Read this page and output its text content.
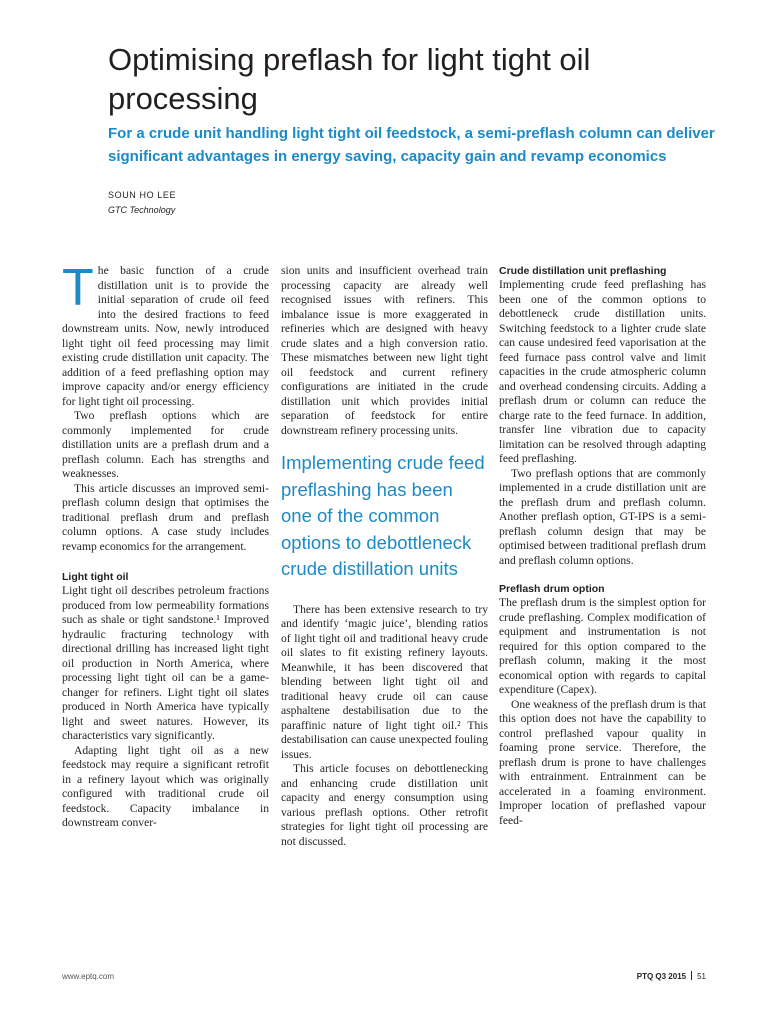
Optimising preflash for light tight oil processing

For a crude unit handling light tight oil feedstock, a semi-preflash column can deliver significant advantages in energy saving, capacity gain and revamp economics

SOUN HO LEE
GTC Technology

The basic function of a crude distillation unit is to provide the initial separation of crude oil feed into the desired fractions to feed downstream units. Now, newly introduced light tight oil feed processing may limit existing crude distillation unit capacity. The addition of a feed preflashing option may improve capacity and/or energy efficiency for light tight oil processing.

Two preflash options which are commonly implemented for crude distillation units are a preflash drum and a preflash column. Each has strengths and weaknesses.

This article discusses an improved semi-preflash column design that optimises the traditional preflash drum and preflash column options. A case study includes revamp economics for the arrangement.

Light tight oil

Light tight oil describes petroleum fractions produced from low permeability formations such as shale or tight sandstone.¹ Improved hydraulic fracturing technology with directional drilling has increased light tight oil production in North America, where processing light tight oil can be a game-changer for refiners. Light tight oil slates produced in North America have typically light and sweet natures. However, its characteristics vary significantly.

Adapting light tight oil as a new feedstock may require a significant retrofit in a refinery layout which was originally configured with traditional crude oil feedstock. Capacity imbalance in downstream conver-

sion units and insufficient overhead train processing capacity are already well recognised issues with refiners. This imbalance issue is more exaggerated in refineries which are designed with heavy crude slates and a high conversion ratio. These mismatches between new light tight oil feedstock and current refinery configurations are initiated in the crude distillation unit which provides initial separation of feedstock for entire downstream refinery processing units.

Implementing crude feed preflashing has been one of the common options to debottleneck crude distillation units

There has been extensive research to try and identify ‘magic juice’, blending ratios of light tight oil and traditional heavy crude oil slates to fit existing refinery layouts. Meanwhile, it has been discovered that blending between light tight oil and traditional heavy crude oil can cause asphaltene destabilisation due to the paraffinic nature of light tight oil.² This destabilisation can cause unexpected fouling issues.

This article focuses on debottlenecking and enhancing crude distillation unit capacity and energy consumption using various preflash options. Other retrofit strategies for light tight oil processing are not discussed.

Crude distillation unit preflashing

Implementing crude feed preflashing has been one of the common options to debottleneck crude distillation units. Switching feedstock to a lighter crude slate can cause undesired feed vaporisation at the feed furnace pass control valve and limit capacities in the crude atmospheric column and overhead condensing circuits. Adding a preflash drum or column can reduce the charge rate to the feed furnace. In addition, transfer line vibration due to capacity limitation can be resolved through adapting feed preflashing.

Two preflash options that are commonly implemented in a crude distillation unit are the preflash drum and preflash column. Another preflash option, GT-IPS is a semi-preflash column design that may be optimised between traditional preflash drum and preflash column options.

Preflash drum option

The preflash drum is the simplest option for crude preflashing. Complex modification of equipment and instrumentation is not required for this option compared to the preflash column, making it the most economical option with regards to capital expenditure (Capex).

One weakness of the preflash drum is that this option does not have the capability to control preflashed vapour quality in foaming prone service. Therefore, the preflash drum is prone to have challenges with entrainment. Entrainment can be accelerated in a foaming environment. Improper location of preflashed vapour feed-

www.eptq.com	PTQ Q3 2015 51
